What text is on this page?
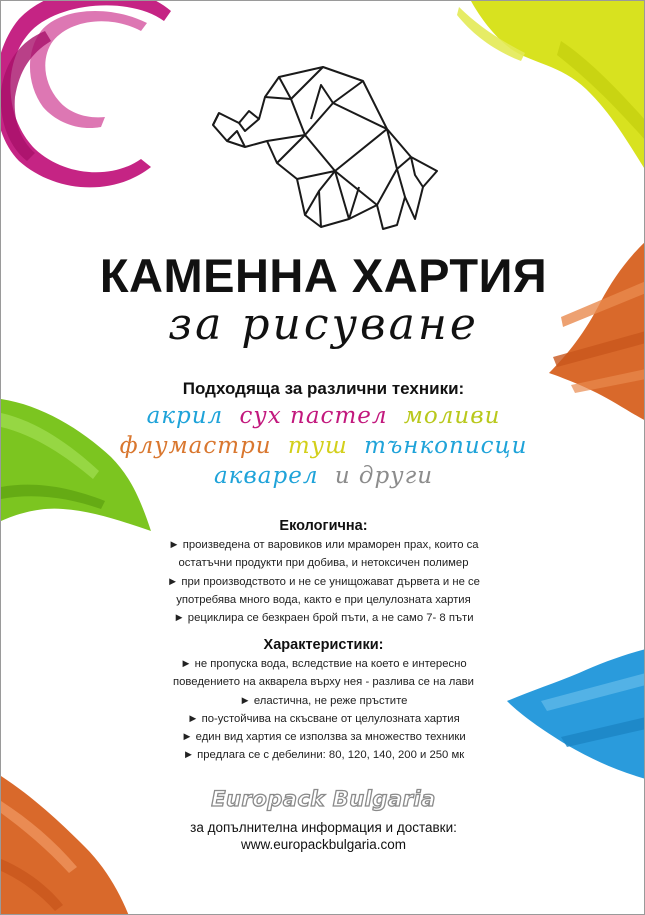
КАМЕННА ХАРТИЯ
за рисуване
Подходяща за различни техники:
акрил сух пастел моливи
флумастри туш тънкописци
акварел и други
Екологична:
► произведена от варовиков или мраморен прах, които са
остатъчни продукти при добива, и нетоксичен полимер
► при производството и не се унищожават дърветa и не се
употребява много вода, както е при целулозната хартия
► рециклира се безкраен брой пъти, а не само 7- 8 пъти
Характеристики:
► не пропуска вода, вследствие на което е интересно
поведението на акварела върху нея - разлива се на лави
► еластична, не реже пръстите
► по-устойчива на скъсване от целулозната хартия
► един вид хартия се използва за множество техники
► предлага се с дебелини: 80, 120, 140, 200 и 250 мк
Europack Bulgaria
за допълнителна информация и доставки:
www.europackbulgaria.com
